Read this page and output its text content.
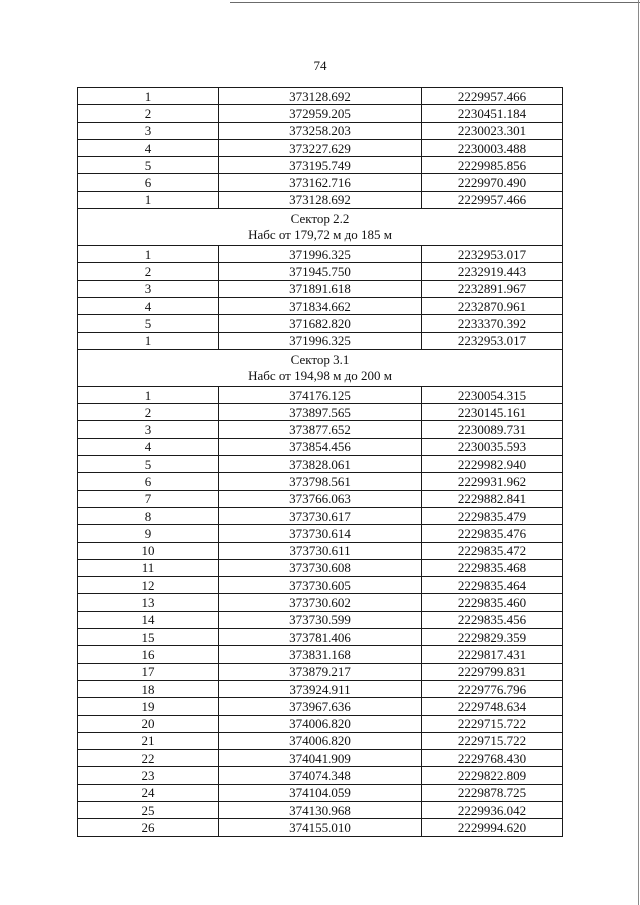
74
1	373128.692	2229957.466
2	372959.205	2230451.184
3	373258.203	2230023.301
4	373227.629	2230003.488
5	373195.749	2229985.856
6	373162.716	2229970.490
1	373128.692	2229957.466

Сектор 2.2
Набс от 179,72 м до 185 м		

1	371996.325	2232953.017
2	371945.750	2232919.443
3	371891.618	2232891.967
4	371834.662	2232870.961
5	371682.820	2233370.392
1	371996.325	2232953.017

Сектор 3.1
Набс от 194,98 м до 200 м		

1	374176.125	2230054.315
2	373897.565	2230145.161
3	373877.652	2230089.731
4	373854.456	2230035.593
5	373828.061	2229982.940
6	373798.561	2229931.962
7	373766.063	2229882.841
8	373730.617	2229835.479
9	373730.614	2229835.476
10	373730.611	2229835.472
11	373730.608	2229835.468
12	373730.605	2229835.464
13	373730.602	2229835.460
14	373730.599	2229835.456
15	373781.406	2229829.359
16	373831.168	2229817.431
17	373879.217	2229799.831
18	373924.911	2229776.796
19	373967.636	2229748.634
20	374006.820	2229715.722
21	374006.820	2229715.722
22	374041.909	2229768.430
23	374074.348	2229822.809
24	374104.059	2229878.725
25	374130.968	2229936.042
26	374155.010	2229994.620
